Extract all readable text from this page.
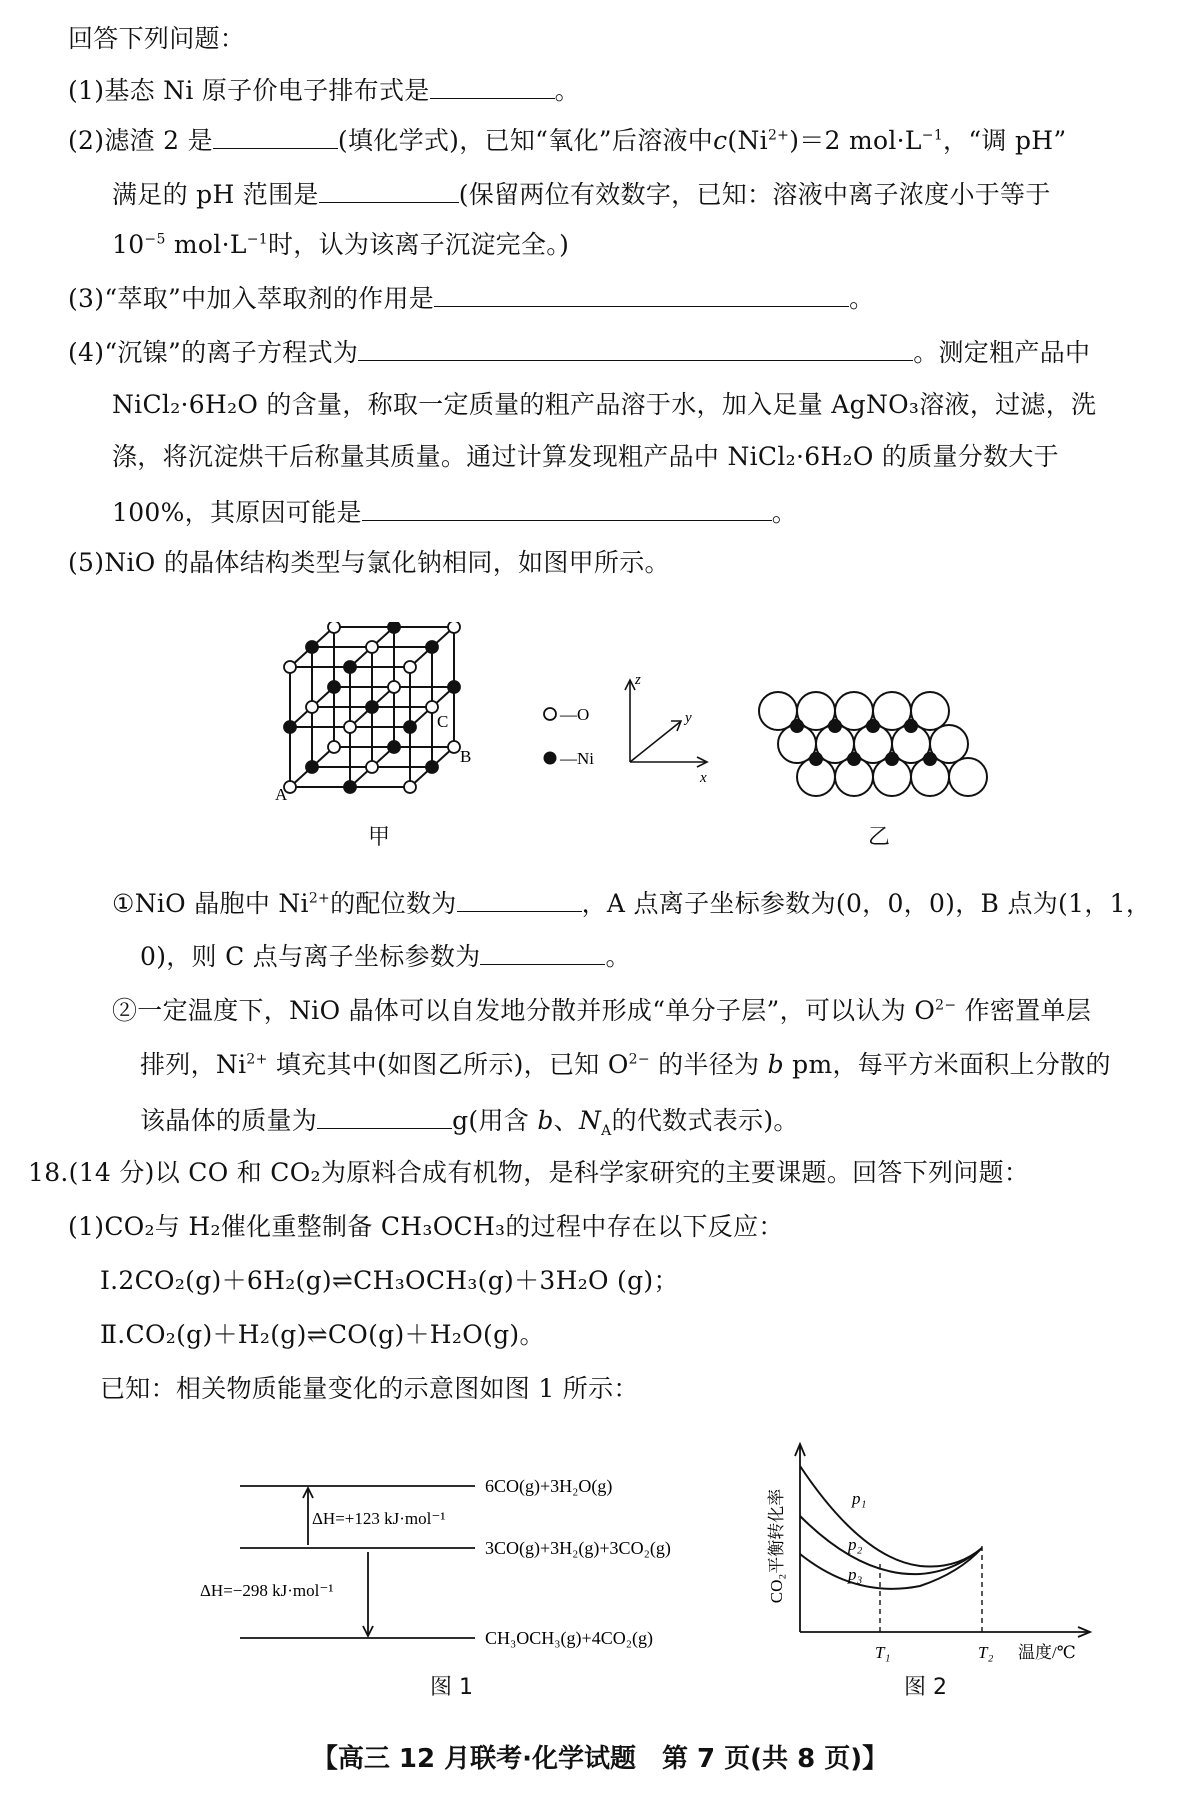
回答下列问题：
(1)基态 Ni 原子价电子排布式是	。
(2)滤渣 2 是	(填化学式)，已知“氧化”后溶液中$c(Ni^{2+})=2$ $mol\cdot L^{-1}$，“调 pH”
满足的 pH 范围是	(保留两位有效数字，已知：溶液中离子浓度小于等于
$10^{-5}$ $mol\cdot L^{-1}$时，认为该离子沉淀完全。)
(3)“萃取”中加入萃取剂的作用是	。
(4)“沉镍”的离子方程式为	。测定粗产品中
NiCl₂·6H₂O 的含量，称取一定质量的粗产品溶于水，加入足量 AgNO₃溶液，过滤，洗
涤，将沉淀烘干后称量其质量。通过计算发现粗产品中 NiCl₂·6H₂O 的质量分数大于
100%，其原因可能是	。
(5)NiO 的晶体结构类型与氯化钠相同，如图甲所示。
A
B
C	—O
—Ni
z
y
x
甲	乙
①NiO 晶胞中 $Ni^{2+}$的配位数为	，A 点离子坐标参数为(0，0，0)，B 点为(1，1，
0)，则 C 点与离子坐标参数为	。
②一定温度下，NiO 晶体可以自发地分散并形成“单分子层”，可以认为 $O^{2-}$ 作密置单层
排列，$Ni^{2+}$ 填充其中(如图乙所示)，已知 $O^{2-}$ 的半径为 b pm，每平方米面积上分散的
该晶体的质量为	g(用含 b、$N_A$的代数式表示)。
18.(14 分)以 CO 和 CO₂为原料合成有机物，是科学家研究的主要课题。回答下列问题：
(1)CO₂与 H₂催化重整制备 CH₃OCH₃的过程中存在以下反应：
Ⅰ.2CO₂(g)＋6H₂(g)⇌CH₃OCH₃(g)＋3H₂O (g)；
Ⅱ.CO₂(g)＋H₂(g)⇌CO(g)＋H₂O(g)。
已知：相关物质能量变化的示意图如图 1 所示：
6CO(g)+3H₂O(g)
3CO(g)+3H₂(g)+3CO₂(g)
CH₃OCH₃(g)+4CO₂(g)
ΔH=+123 kJ·mol⁻¹
ΔH=−298 kJ·mol⁻¹
图 1
CO₂平衡转化率
温度/℃
T₁	T₂
p₁
p₂
p₃
图 2
【高三 12 月联考·化学试题　第 7 页(共 8 页)】
